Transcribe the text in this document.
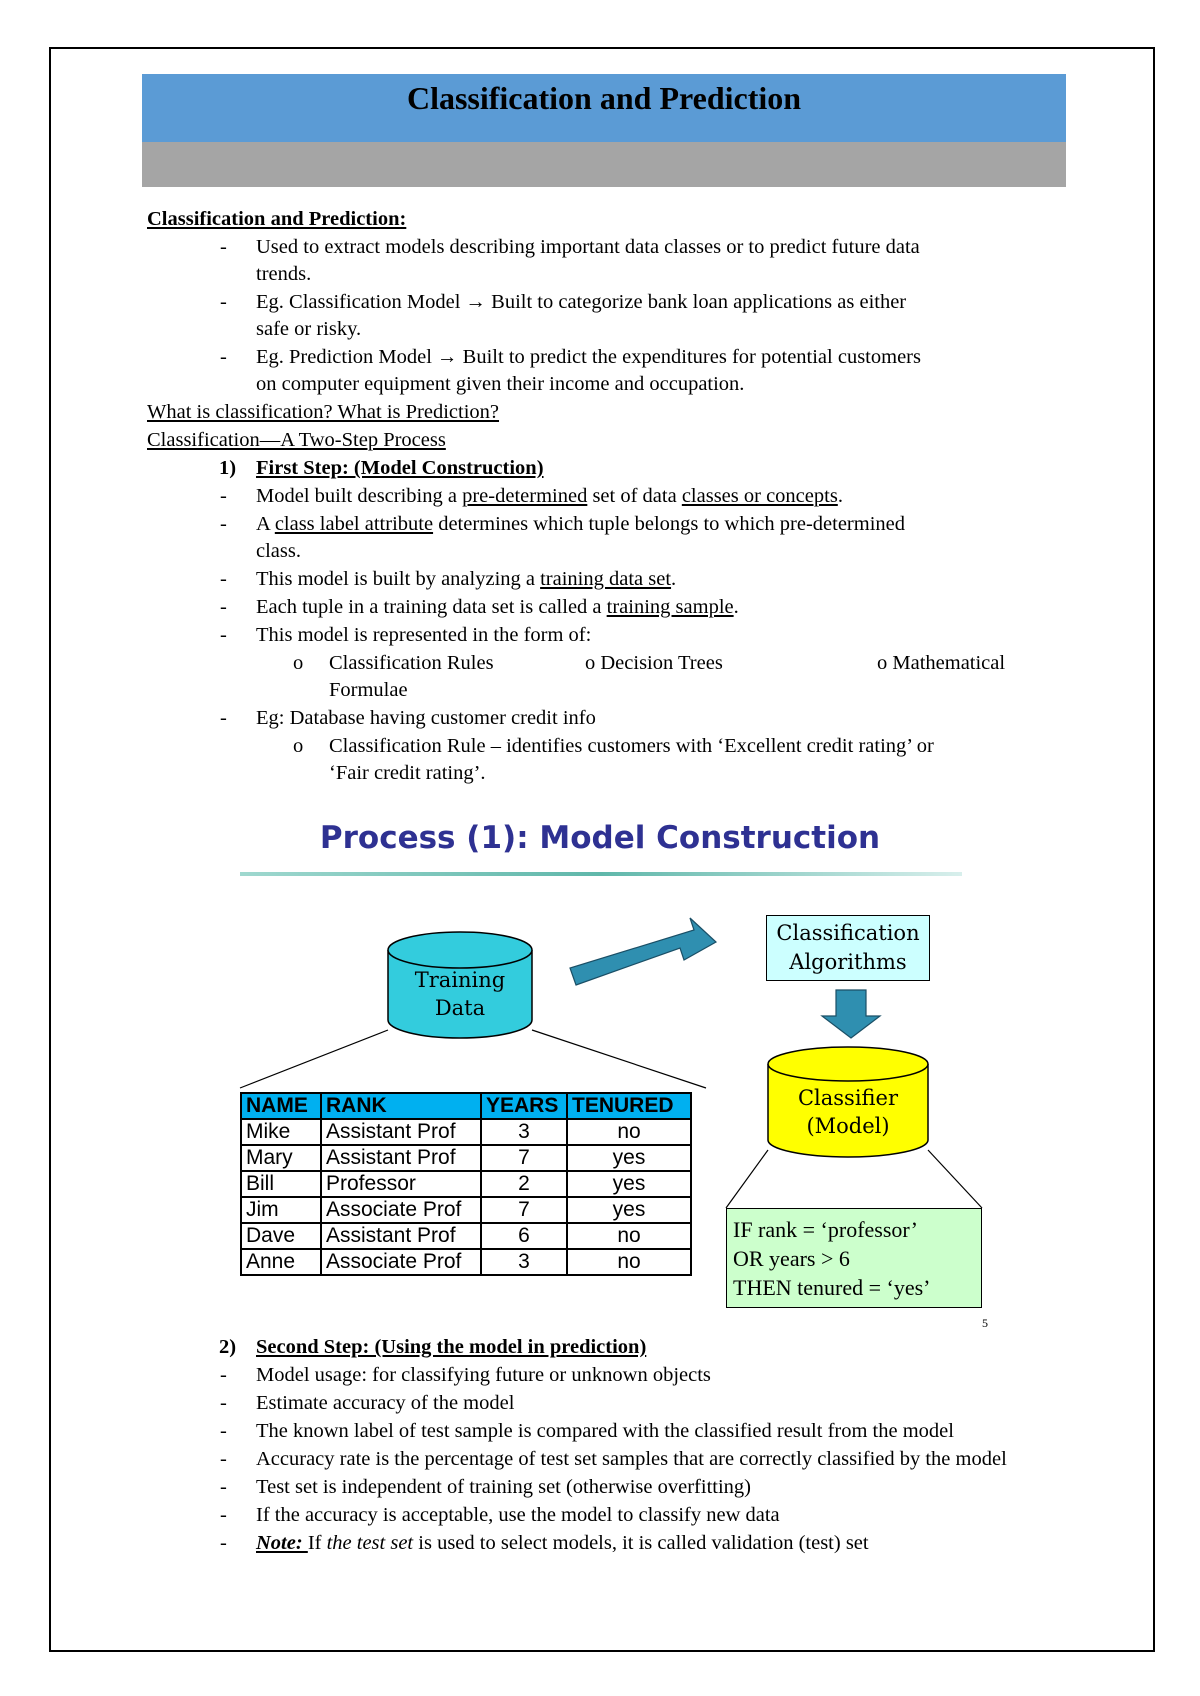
Classification and Prediction
Classification and Prediction:
- Used to extract models describing important data classes or to predict future data
trends.
- Eg. Classification Model → Built to categorize bank loan applications as either
safe or risky.
- Eg. Prediction Model → Built to predict the expenditures for potential customers
on computer equipment given their income and occupation.
What is classification? What is Prediction?
Classification—A Two-Step Process
1) First Step: (Model Construction)
- Model built describing a pre-determined set of data classes or concepts.
- A class label attribute determines which tuple belongs to which pre-determined
class.
- This model is built by analyzing a training data set.
- Each tuple in a training data set is called a training sample.
- This model is represented in the form of:
o Classification Rules	o Decision Trees	o Mathematical
Formulae
- Eg: Database having customer credit info
o Classification Rule – identifies customers with ‘Excellent credit rating’ or
‘Fair credit rating’.
Process (1): Model Construction
Training
Data
Classification
Algorithms
Classifier
(Model)
IF rank = ‘professor’
OR years > 6
THEN tenured = ‘yes’
NAME	RANK	YEARS	TENURED
Mike	Assistant Prof	3	no
Mary	Assistant Prof	7	yes
Bill	Professor	2	yes
Jim	Associate Prof	7	yes
Dave	Assistant Prof	6	no
Anne	Associate Prof	3	no
5
2) Second Step: (Using the model in prediction)
- Model usage: for classifying future or unknown objects
- Estimate accuracy of the model
- The known label of test sample is compared with the classified result from the model
- Accuracy rate is the percentage of test set samples that are correctly classified by the model
- Test set is independent of training set (otherwise overfitting)
- If the accuracy is acceptable, use the model to classify new data
- Note: If the test set is used to select models, it is called validation (test) set
